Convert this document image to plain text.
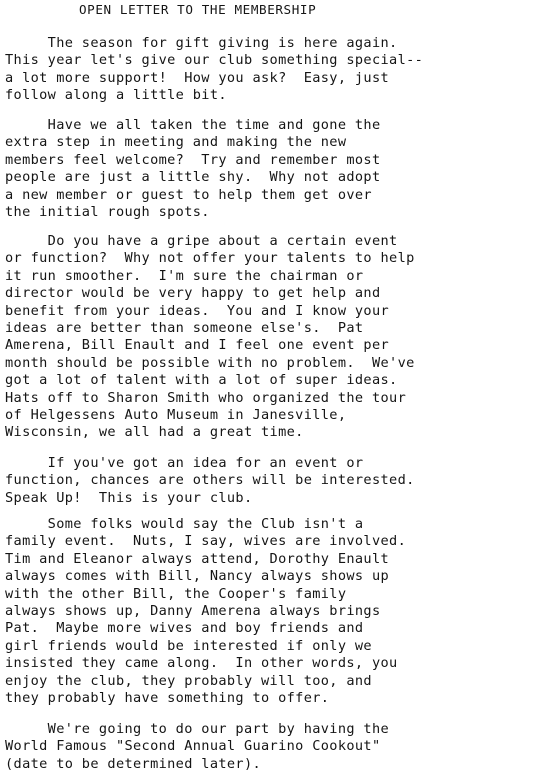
OPEN LETTER TO THE MEMBERSHIP
The season for gift giving is here again.
This year let's give our club something special--
a lot more support!  How you ask?  Easy, just
follow along a little bit.
Have we all taken the time and gone the
extra step in meeting and making the new
members feel welcome?  Try and remember most
people are just a little shy.  Why not adopt
a new member or guest to help them get over
the initial rough spots.
Do you have a gripe about a certain event
or function?  Why not offer your talents to help
it run smoother.  I'm sure the chairman or
director would be very happy to get help and
benefit from your ideas.  You and I know your
ideas are better than someone else's.  Pat
Amerena, Bill Enault and I feel one event per
month should be possible with no problem.  We've
got a lot of talent with a lot of super ideas.
Hats off to Sharon Smith who organized the tour
of Helgessens Auto Museum in Janesville,
Wisconsin, we all had a great time.
If you've got an idea for an event or
function, chances are others will be interested.
Speak Up!  This is your club.
Some folks would say the Club isn't a
family event.  Nuts, I say, wives are involved.
Tim and Eleanor always attend, Dorothy Enault
always comes with Bill, Nancy always shows up
with the other Bill, the Cooper's family
always shows up, Danny Amerena always brings
Pat.  Maybe more wives and boy friends and
girl friends would be interested if only we
insisted they came along.  In other words, you
enjoy the club, they probably will too, and
they probably have something to offer.
We're going to do our part by having the
World Famous "Second Annual Guarino Cookout"
(date to be determined later).
